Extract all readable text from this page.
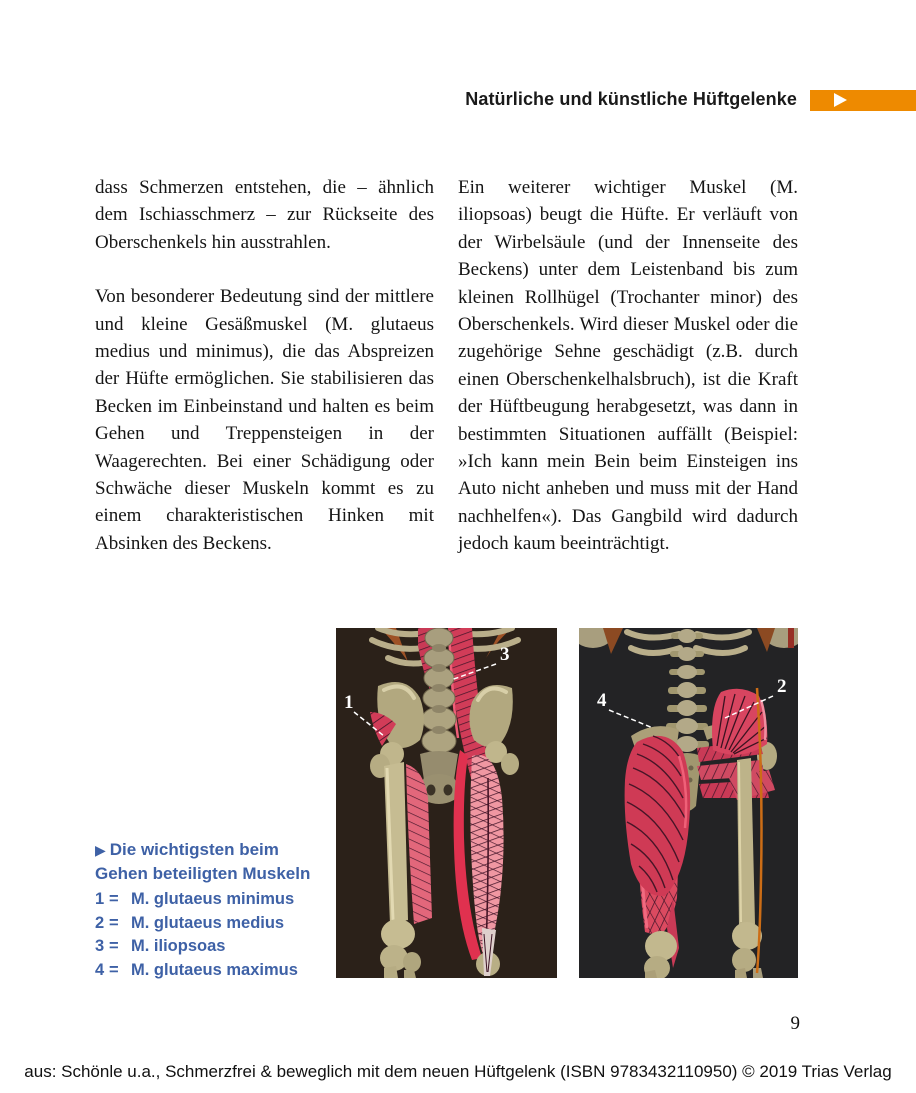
Natürliche und künstliche Hüftgelenke

dass Schmerzen entstehen, die – ähnlich dem Ischiasschmerz – zur Rückseite des Oberschenkels hin ausstrahlen.

Von besonderer Bedeutung sind der mittlere und kleine Gesäßmuskel (M. glutaeus medius und minimus), die das Abspreizen der Hüfte ermöglichen. Sie stabilisieren das Becken im Einbeinstand und halten es beim Gehen und Treppensteigen in der Waagerechten. Bei einer Schädigung oder Schwäche dieser Muskeln kommt es zu einem charakteristischen Hinken mit Absinken des Beckens.

Ein weiterer wichtiger Muskel (M. iliopsoas) beugt die Hüfte. Er verläuft von der Wirbelsäule (und der Innenseite des Beckens) unter dem Leistenband bis zum kleinen Rollhügel (Trochanter minor) des Oberschenkels. Wird dieser Muskel oder die zugehörige Sehne geschädigt (z.B. durch einen Oberschenkelhalsbruch), ist die Kraft der Hüftbeugung herabgesetzt, was dann in bestimmten Situationen auffällt (Beispiel: »Ich kann mein Bein beim Einsteigen ins Auto nicht anheben und muss mit der Hand nachhelfen«). Das Gangbild wird dadurch jedoch kaum beeinträchtigt.

1
3
4
2
▶ Die wichtigsten beim Gehen beteiligten Muskeln
1 = M. glutaeus minimus
2 = M. glutaeus medius
3 = M. iliopsoas
4 = M. glutaeus maximus
9
aus: Schönle u.a., Schmerzfrei & beweglich mit dem neuen Hüftgelenk (ISBN 9783432110950) © 2019 Trias Verlag
